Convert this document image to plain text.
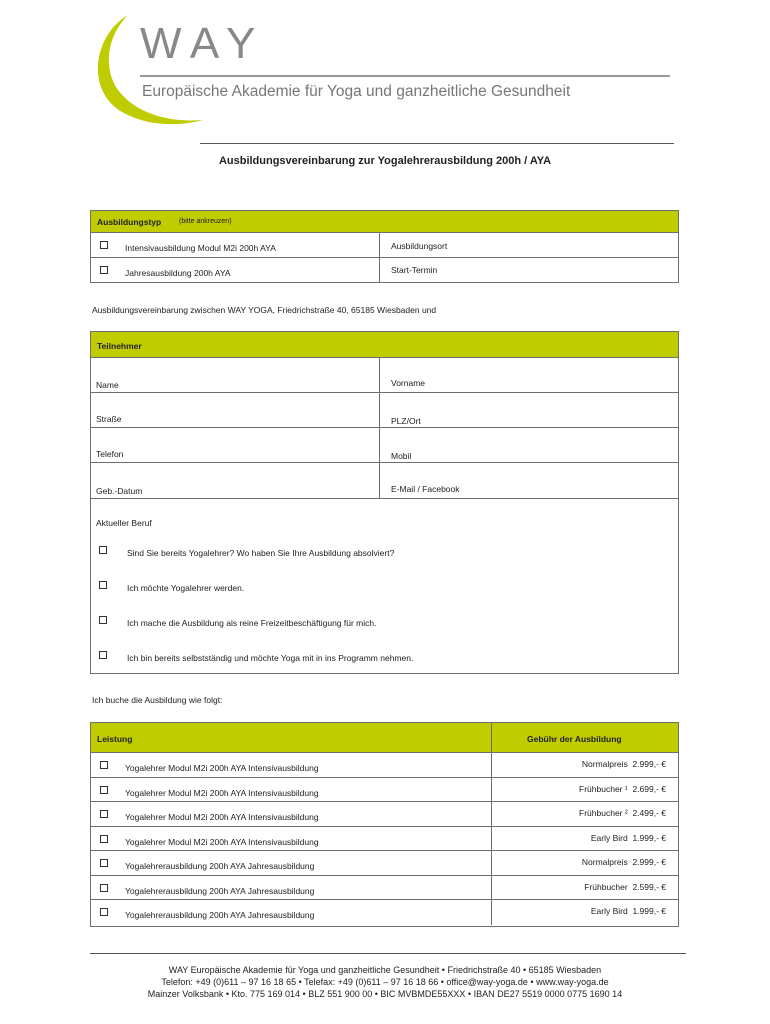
WAY
Europäische Akademie für Yoga und ganzheitliche Gesundheit
Ausbildungsvereinbarung zur Yogalehrerausbildung 200h / AYA
Ausbildungstyp	(bitte ankreuzen)
Intensivausbildung Modul M2i 200h AYA	Ausbildungsort
Jahresausbildung 200h AYA	Start-Termin
Ausbildungsvereinbarung zwischen WAY YOGA, Friedrichstraße 40, 65185 Wiesbaden und
Teilnehmer
Name	Vorname
Straße	PLZ/Ort
Telefon	Mobil
Geb.-Datum	E-Mail / Facebook
Aktueller Beruf
Sind Sie bereits Yogalehrer? Wo haben Sie Ihre Ausbildung absolviert?
Ich möchte Yogalehrer werden.
Ich mache die Ausbildung als reine Freizeitbeschäftigung für mich.
Ich bin bereits selbstständig und möchte Yoga mit in ins Programm nehmen.
Ich buche die Ausbildung wie folgt:
Leistung	Gebühr der Ausbildung
Yogalehrer Modul M2i 200h AYA Intensivausbildung	Normalpreis 2.999,- €
Yogalehrer Modul M2i 200h AYA Intensivausbildung	Frühbucher ¹ 2.699,- €
Yogalehrer Modul M2i 200h AYA Intensivausbildung	Frühbucher ² 2.499,- €
Yogalehrer Modul M2i 200h AYA Intensivausbildung	Early Bird 1.999,- €
Yogalehrerausbildung 200h AYA Jahresausbildung	Normalpreis 2.999,- €
Yogalehrerausbildung 200h AYA Jahresausbildung	Frühbucher 2.599,- €
Yogalehrerausbildung 200h AYA Jahresausbildung	Early Bird 1.999,- €
WAY Europäische Akademie für Yoga und ganzheitliche Gesundheit • Friedrichstraße 40 • 65185 Wiesbaden
Telefon: +49 (0)611 – 97 16 18 65 • Telefax: +49 (0)611 – 97 16 18 66 • office@way-yoga.de • www.way-yoga.de
Mainzer Volksbank • Kto. 775 169 014 • BLZ 551 900 00 • BIC MVBMDE55XXX • IBAN DE27 5519 0000 0775 1690 14
